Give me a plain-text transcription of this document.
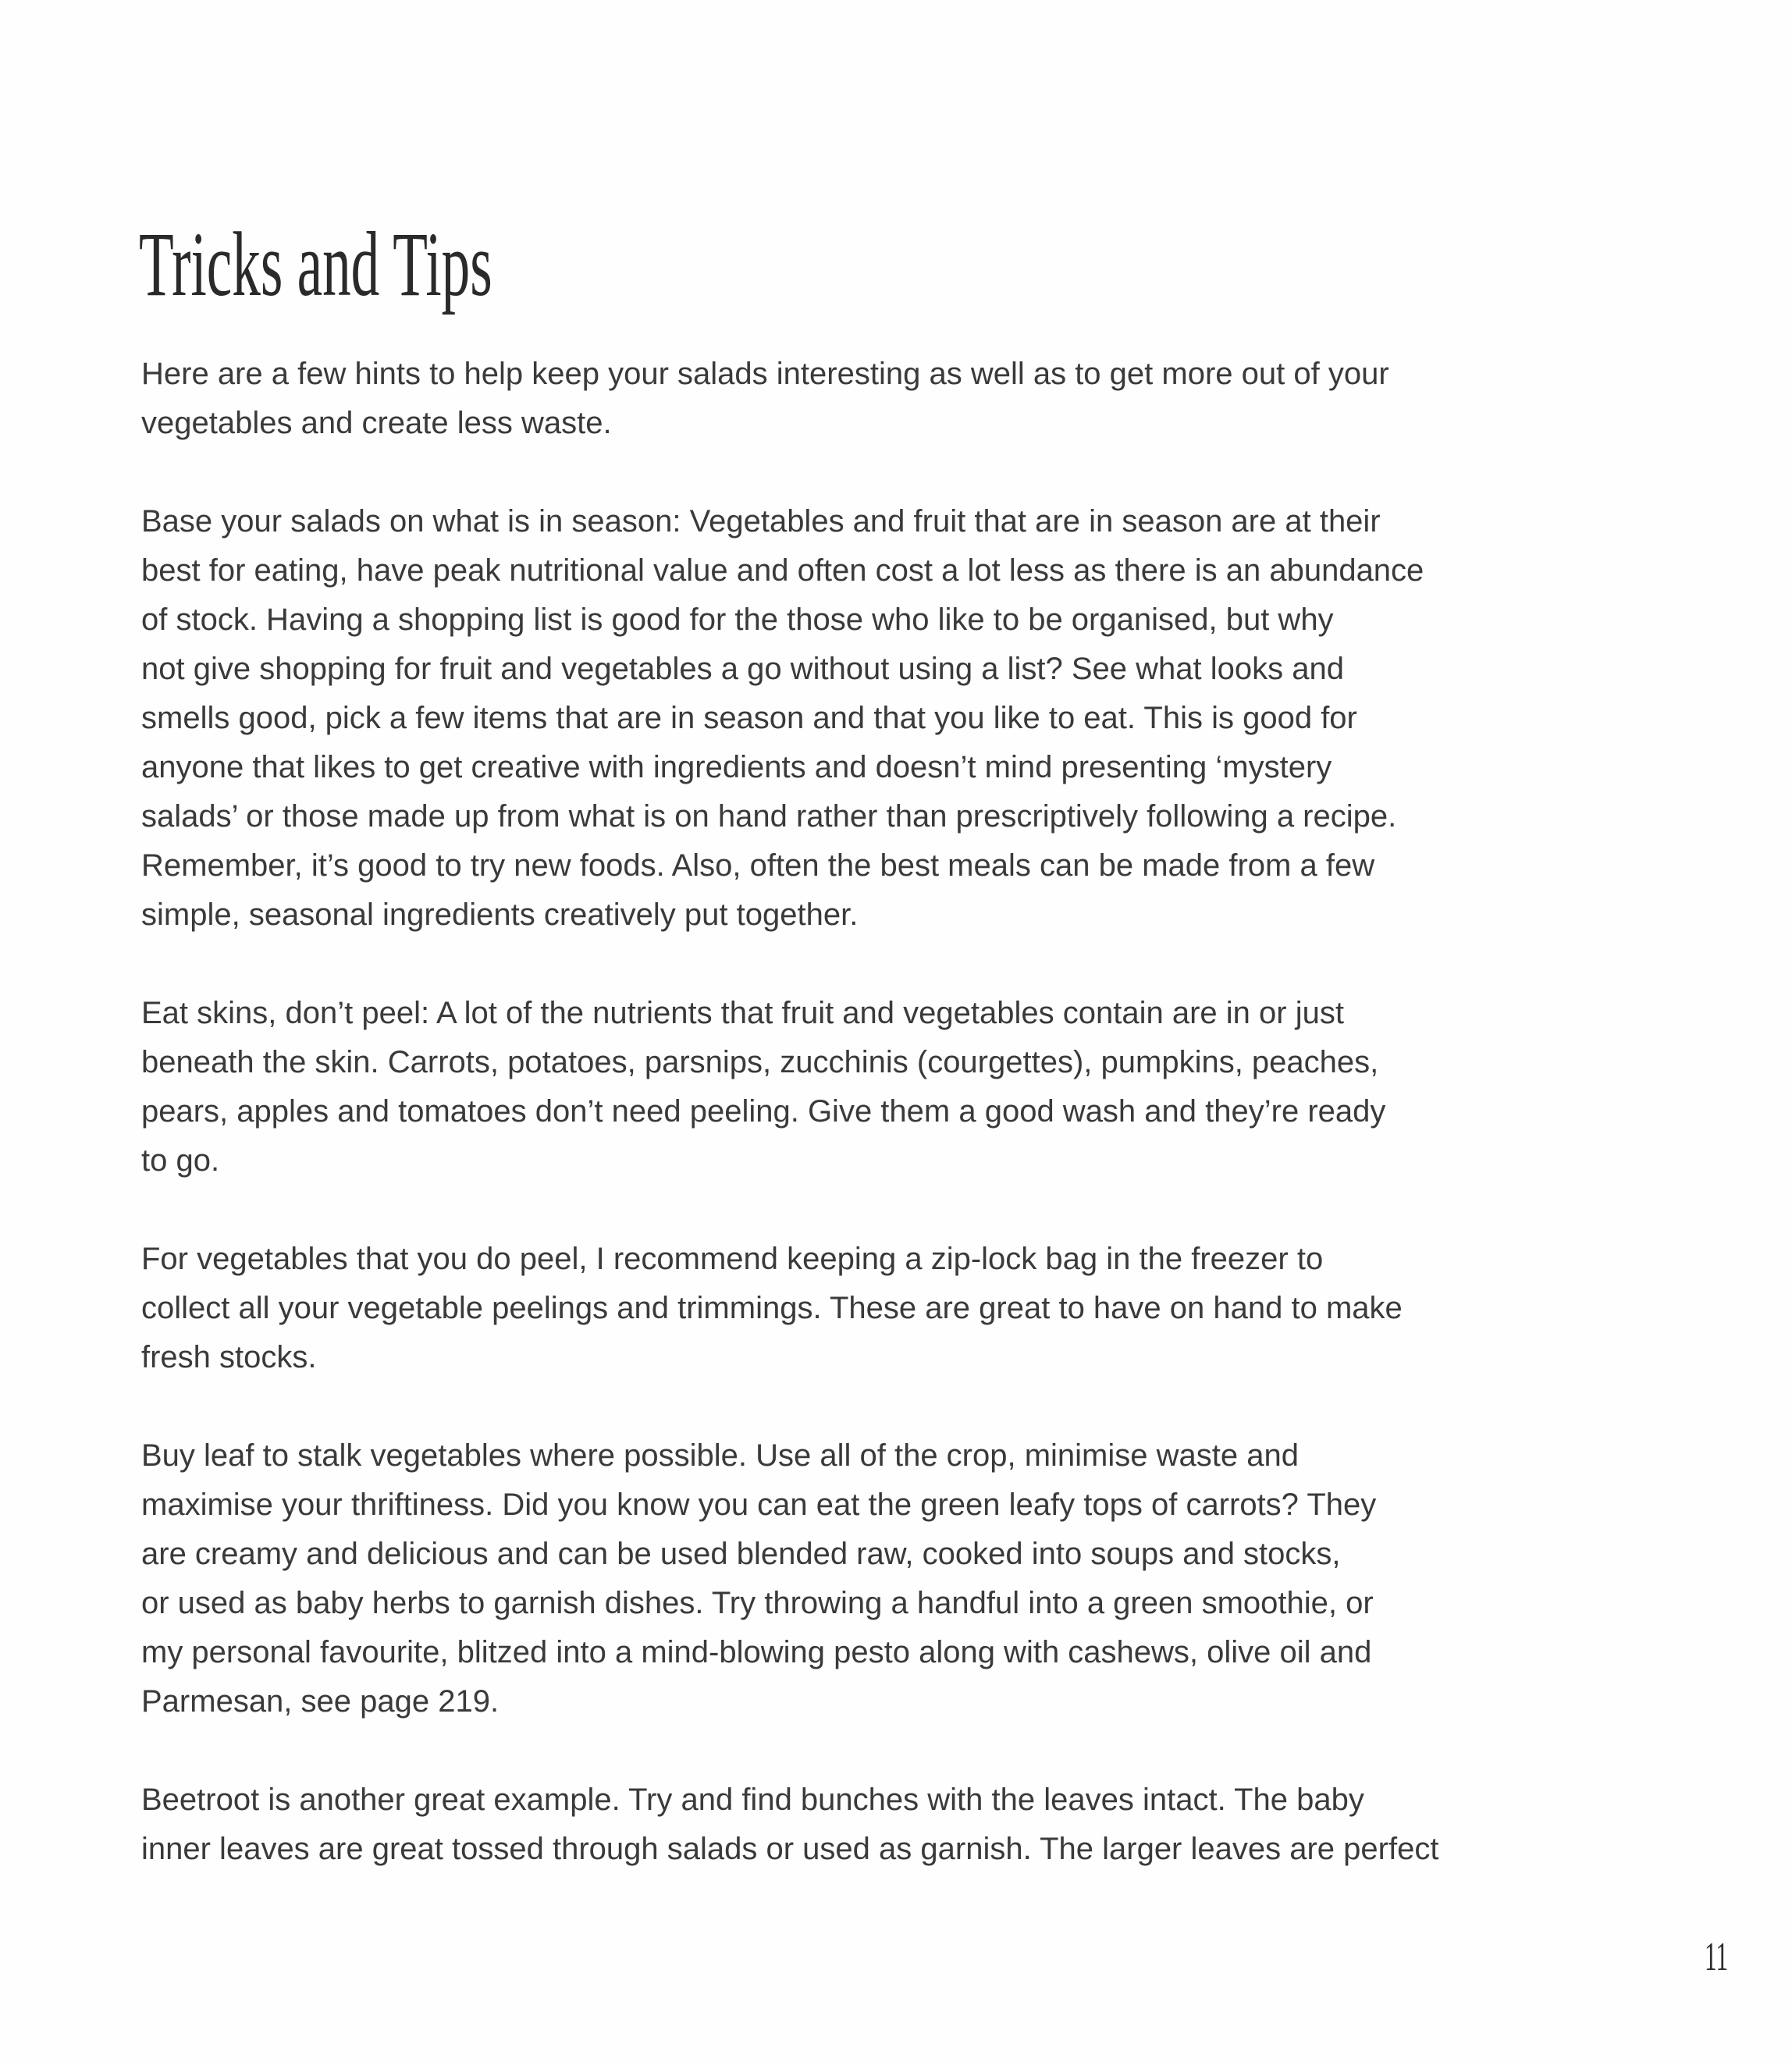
Tricks and Tips

Here are a few hints to help keep your salads interesting as well as to get more out of your
vegetables and create less waste.

Base your salads on what is in season: Vegetables and fruit that are in season are at their
best for eating, have peak nutritional value and often cost a lot less as there is an abundance
of stock. Having a shopping list is good for the those who like to be organised, but why
not give shopping for fruit and vegetables a go without using a list? See what looks and
smells good, pick a few items that are in season and that you like to eat. This is good for
anyone that likes to get creative with ingredients and doesn’t mind presenting ‘mystery
salads’ or those made up from what is on hand rather than prescriptively following a recipe.
Remember, it’s good to try new foods. Also, often the best meals can be made from a few
simple, seasonal ingredients creatively put together.

Eat skins, don’t peel: A lot of the nutrients that fruit and vegetables contain are in or just
beneath the skin. Carrots, potatoes, parsnips, zucchinis (courgettes), pumpkins, peaches,
pears, apples and tomatoes don’t need peeling. Give them a good wash and they’re ready
to go.

For vegetables that you do peel, I recommend keeping a zip-lock bag in the freezer to
collect all your vegetable peelings and trimmings. These are great to have on hand to make
fresh stocks.

Buy leaf to stalk vegetables where possible. Use all of the crop, minimise waste and
maximise your thriftiness. Did you know you can eat the green leafy tops of carrots? They
are creamy and delicious and can be used blended raw, cooked into soups and stocks,
or used as baby herbs to garnish dishes. Try throwing a handful into a green smoothie, or
my personal favourite, blitzed into a mind-blowing pesto along with cashews, olive oil and
Parmesan, see page 219.

Beetroot is another great example. Try and find bunches with the leaves intact. The baby
inner leaves are great tossed through salads or used as garnish. The larger leaves are perfect

11
